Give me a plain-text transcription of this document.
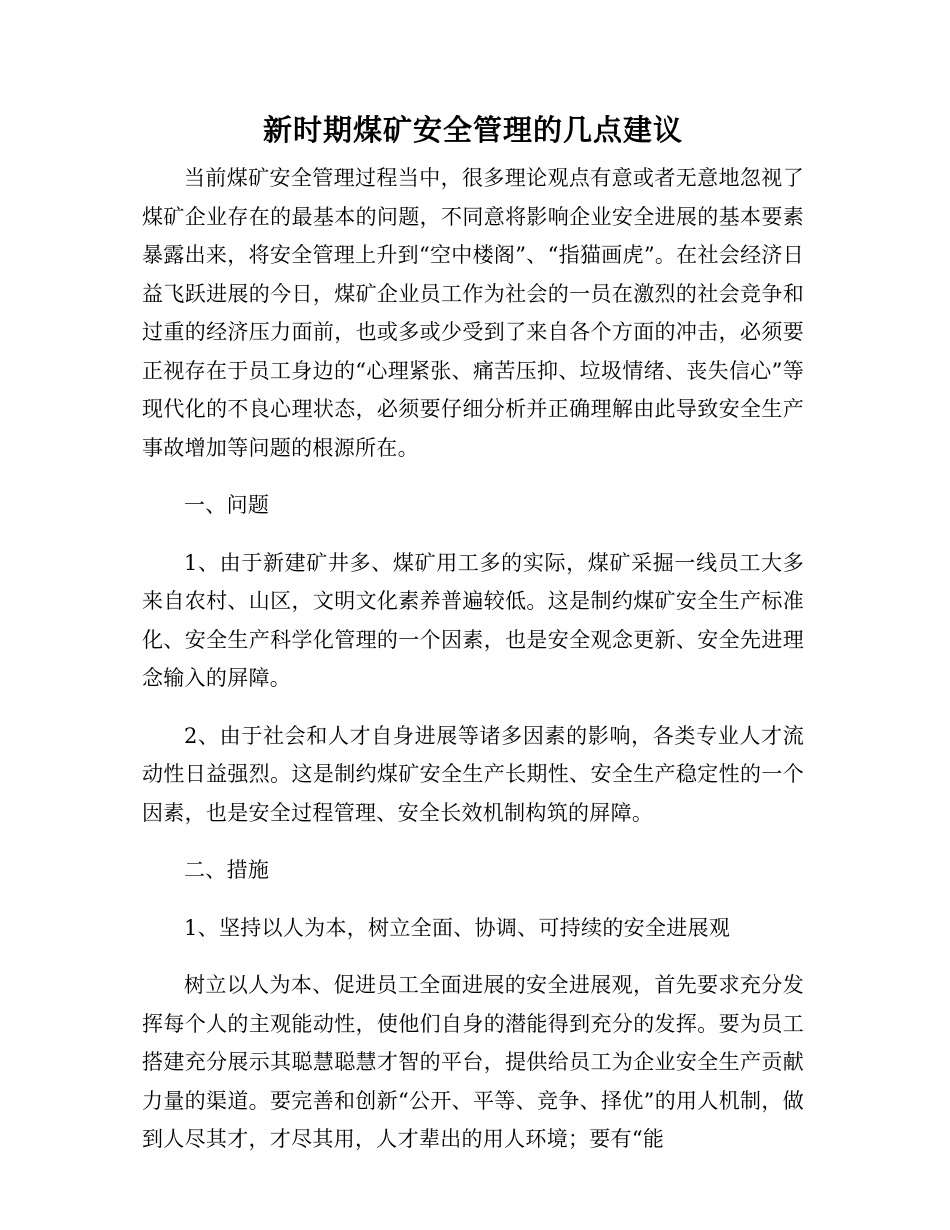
新时期煤矿安全管理的几点建议

当前煤矿安全管理过程当中，很多理论观点有意或者无意地忽视了煤矿企业存在的最基本的问题，不同意将影响企业安全进展的基本要素暴露出来，将安全管理上升到“空中楼阁”、“指猫画虎”。在社会经济日益飞跃进展的今日，煤矿企业员工作为社会的一员在激烈的社会竞争和过重的经济压力面前，也或多或少受到了来自各个方面的冲击，必须要正视存在于员工身边的“心理紧张、痛苦压抑、垃圾情绪、丧失信心”等现代化的不良心理状态，必须要仔细分析并正确理解由此导致安全生产事故增加等问题的根源所在。

一、问题

1、由于新建矿井多、煤矿用工多的实际，煤矿采掘一线员工大多来自农村、山区，文明文化素养普遍较低。这是制约煤矿安全生产标准化、安全生产科学化管理的一个因素，也是安全观念更新、安全先进理念输入的屏障。

2、由于社会和人才自身进展等诸多因素的影响，各类专业人才流动性日益强烈。这是制约煤矿安全生产长期性、安全生产稳定性的一个因素，也是安全过程管理、安全长效机制构筑的屏障。

二、措施

1、坚持以人为本，树立全面、协调、可持续的安全进展观

树立以人为本、促进员工全面进展的安全进展观，首先要求充分发挥每个人的主观能动性，使他们自身的潜能得到充分的发挥。要为员工搭建充分展示其聪慧聪慧才智的平台，提供给员工为企业安全生产贡献力量的渠道。要完善和创新“公开、平等、竞争、择优”的用人机制，做到人尽其才，才尽其用，人才辈出的用人环境；要有“能
